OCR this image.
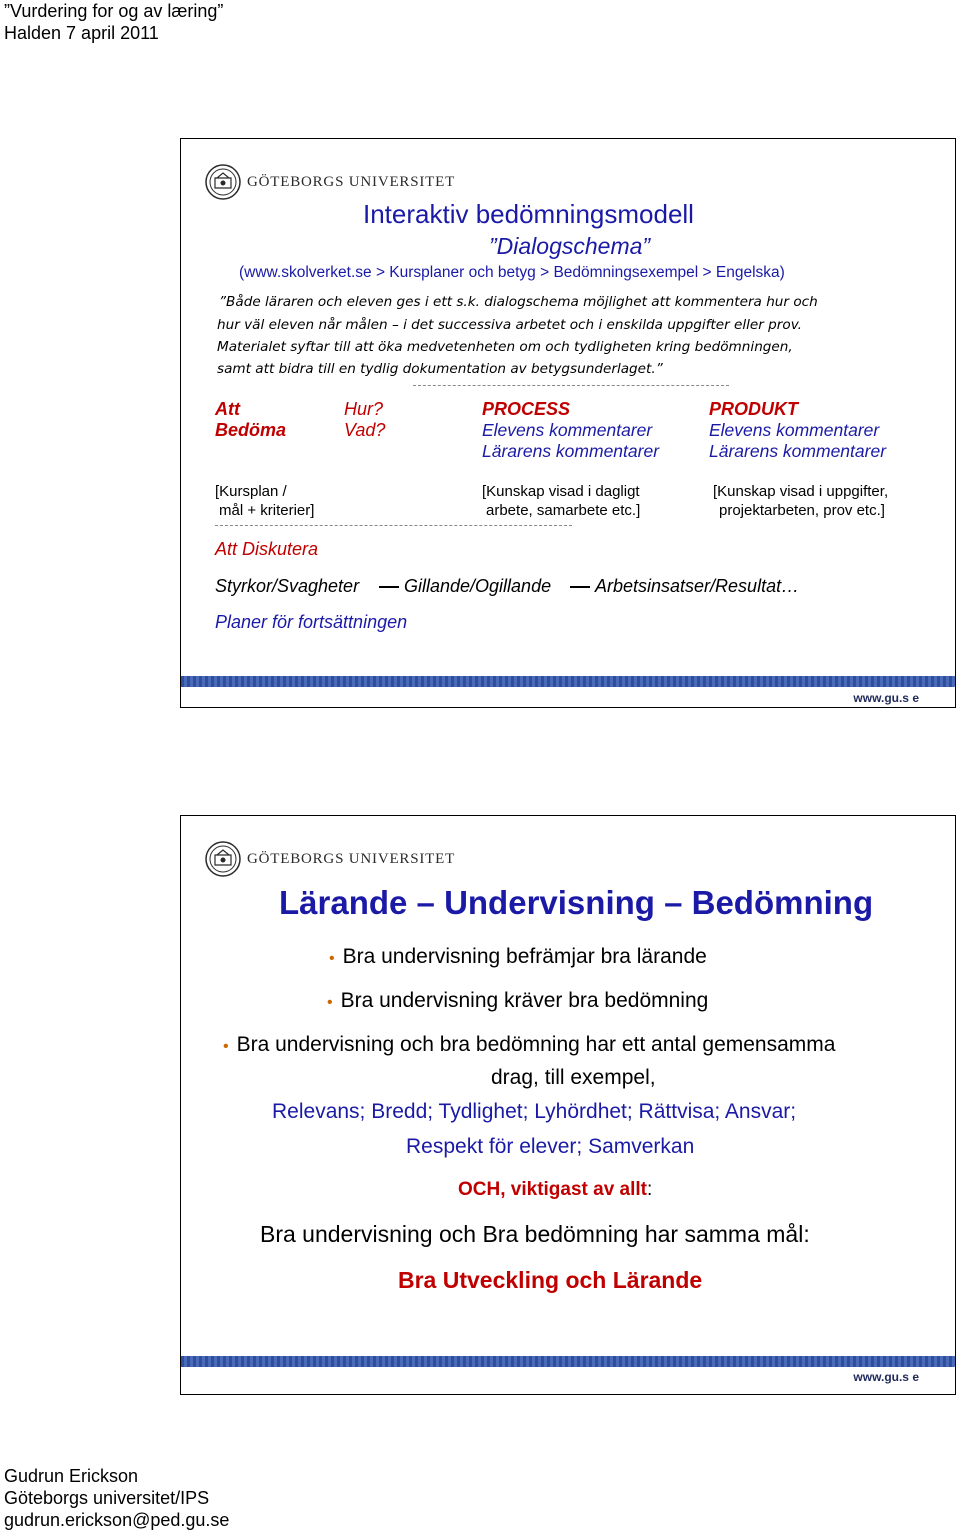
”Vurdering for og av læring”
Halden 7 april 2011
GÖTEBORGS UNIVERSITET
Interaktiv bedömningsmodell
”Dialogschema”
(www.skolverket.se > Kursplaner och betyg > Bedömningsexempel > Engelska)
”Både läraren och eleven ges i ett s.k. dialogschema möjlighet att kommentera hur och
hur väl eleven når målen – i det successiva arbetet och i enskilda uppgifter eller prov.
Materialet syftar till att öka medvetenheten om och tydligheten kring bedömningen,
samt att bidra till en tydlig dokumentation av betygsunderlaget.”
Att
Bedöma
Hur?
Vad?
PROCESS
Elevens kommentarer
Lärarens kommentarer
PRODUKT
Elevens kommentarer
Lärarens kommentarer
[Kursplan /
mål + kriterier]
[Kunskap visad i dagligt
arbete, samarbete etc.]
[Kunskap visad i uppgifter,
projektarbeten, prov etc.]
Att Diskutera
Styrkor/Svagheter Gillande/Ogillande Arbetsinsatser/Resultat…
Planer för fortsättningen
www.gu.s e
GÖTEBORGS UNIVERSITET
Lärande – Undervisning – Bedömning
• Bra undervisning befrämjar bra lärande
• Bra undervisning kräver bra bedömning
• Bra undervisning och bra bedömning har ett antal gemensamma
drag, till exempel,
Relevans; Bredd; Tydlighet; Lyhördhet; Rättvisa; Ansvar;
Respekt för elever; Samverkan
OCH, viktigast av allt:
Bra undervisning och Bra bedömning har samma mål:
Bra Utveckling och Lärande
www.gu.s e
Gudrun Erickson
Göteborgs universitet/IPS
gudrun.erickson@ped.gu.se
